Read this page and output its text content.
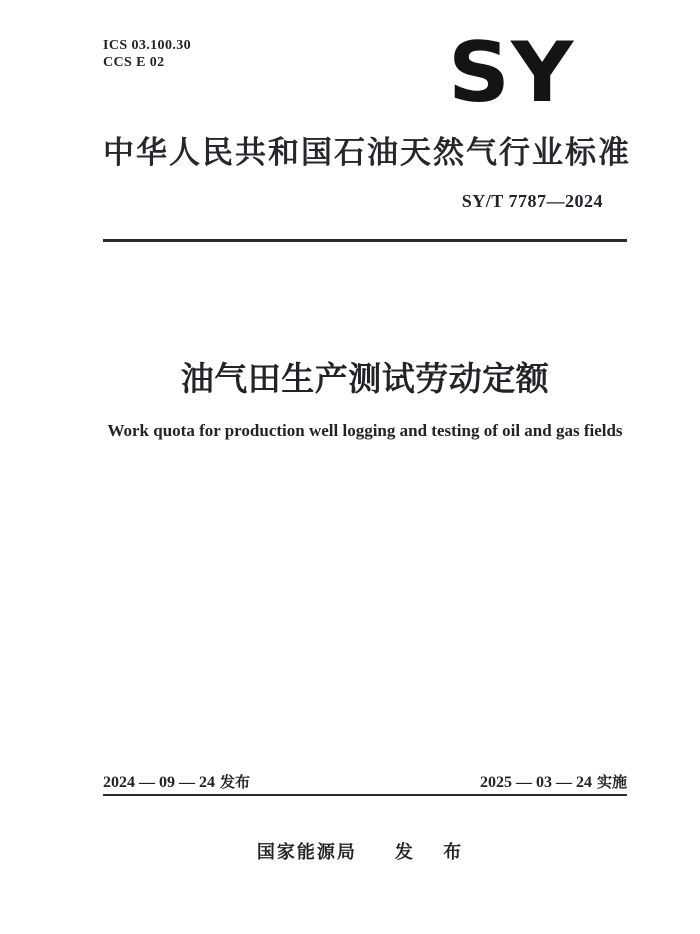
ICS 03.100.30
CCS E 02	SY
中华人民共和国石油天然气行业标准
SY/T 7787—2024
油气田生产测试劳动定额
Work quota for production well logging and testing of oil and gas fields
2024 — 09 — 24 发布	2025 — 03 — 24 实施
国家能源局 发 布
